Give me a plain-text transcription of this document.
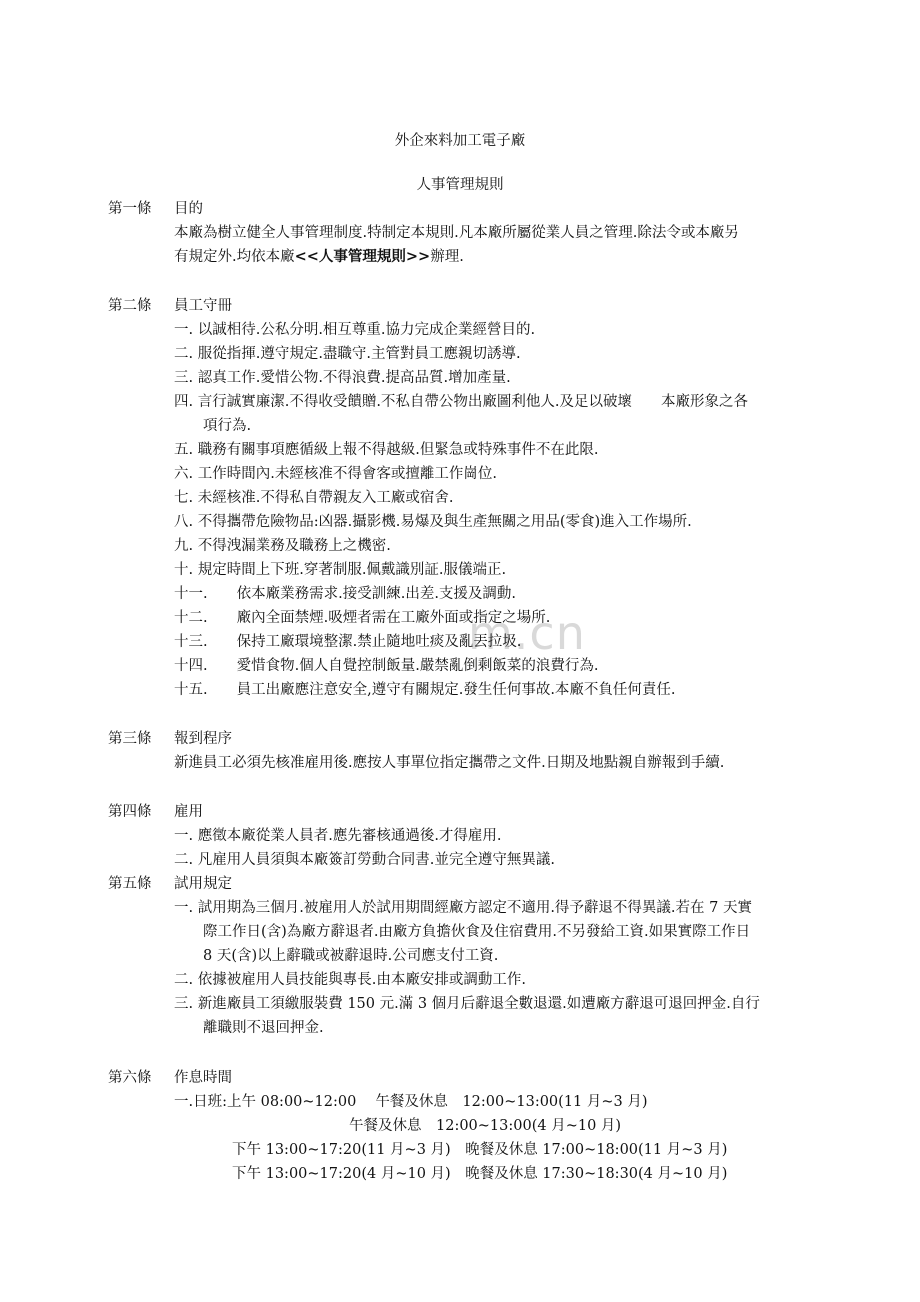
m.cn
外企來料加工電子廠
人事管理規則
第一條 目的
本廠為樹立健全人事管理制度.特制定本規則.凡本廠所屬從業人員之管理.除法令或本廠另
有規定外.均依本廠<<人事管理規則>>辦理.
第二條 員工守冊
一. 以誠相待.公私分明.相互尊重.協力完成企業經營目的.
二. 服從指揮.遵守規定.盡職守.主管對員工應親切誘導.
三. 認真工作.愛惜公物.不得浪費.提高品質.增加產量.
四. 言行誠實廉潔.不得收受饋贈.不私自帶公物出廠圖利他人.及足以破壞　　本廠形象之各
　　項行為.
五. 職務有關事項應循級上報不得越級.但緊急或特殊事件不在此限.
六. 工作時間內.未經核准不得會客或擅離工作崗位.
七. 未經核准.不得私自帶親友入工廠或宿舍.
八. 不得攜帶危險物品:凶器.攝影機.易爆及與生產無關之用品(零食)進入工作場所.
九. 不得洩漏業務及職務上之機密.
十. 規定時間上下班.穿著制服.佩戴識別証.服儀端正.
十一.　　依本廠業務需求.接受訓練.出差.支援及調動.
十二.　　廠內全面禁煙.吸煙者需在工廠外面或指定之場所.
十三.　　保持工廠環境整潔.禁止隨地吐痰及亂丟拉圾.
十四.　　愛惜食物.個人自覺控制飯量.嚴禁亂倒剩飯菜的浪費行為.
十五.　　員工出廠應注意安全,遵守有關規定.發生任何事故.本廠不負任何責任.
第三條 報到程序
新進員工必須先核准雇用後.應按人事單位指定攜帶之文件.日期及地點親自辦報到手續.
第四條 雇用
一. 應徵本廠從業人員者.應先審核通過後.才得雇用.
二. 凡雇用人員須與本廠簽訂勞動合同書.並完全遵守無異議.
第五條 試用規定
一. 試用期為三個月.被雇用人於試用期間經廠方認定不適用.得予辭退不得異議.若在 7 天實
　　際工作日(含)為廠方辭退者.由廠方負擔伙食及住宿費用.不另發給工資.如果實際工作日
　　8 天(含)以上辭職或被辭退時.公司應支付工資.
二. 依據被雇用人員技能與專長.由本廠安排或調動工作.
三. 新進廠員工須繳服裝費 150 元.滿 3 個月后辭退全數退還.如遭廠方辭退可退回押金.自行
　　離職則不退回押金.
第六條 作息時間
一.日班:上午 08:00~12:00　 午餐及休息　12:00~13:00(11 月~3 月)
午餐及休息　12:00~13:00(4 月~10 月)
下午 13:00~17:20(11 月~3 月)　晚餐及休息 17:00~18:00(11 月~3 月)
下午 13:00~17:20(4 月~10 月)　晚餐及休息 17:30~18:30(4 月~10 月)
